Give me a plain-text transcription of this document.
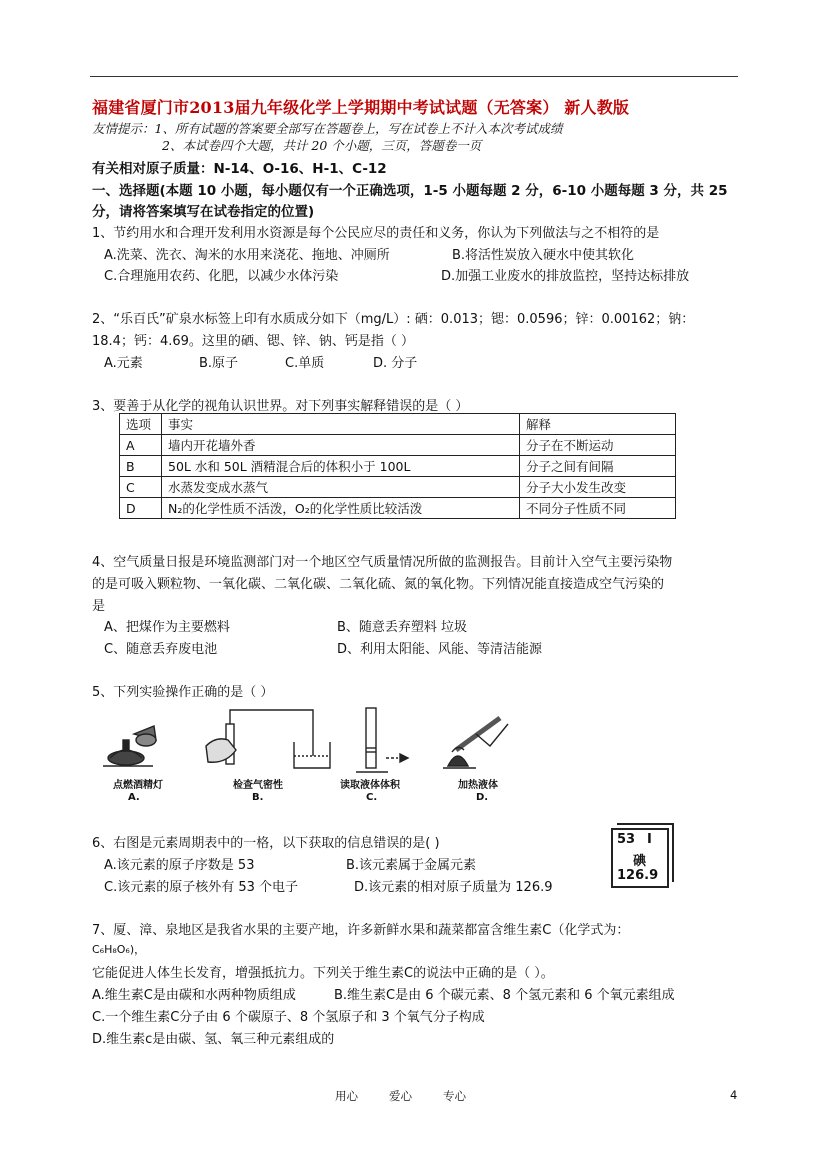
福建省厦门市2013届九年级化学上学期期中考试试题（无答案） 新人教版
友情提示：1、所有试题的答案要全部写在答题卷上，写在试卷上不计入本次考试成绩
2、本试卷四个大题，共计 20 个小题，三页，答题卷一页
有关相对原子质量：N-14、O-16、H-1、C-12
一、选择题(本题 10 小题，每小题仅有一个正确选项，1-5 小题每题 2 分，6-10 小题每题 3 分，共 25
分，请将答案填写在试卷指定的位置)
1、节约用水和合理开发利用水资源是每个公民应尽的责任和义务，你认为下列做法与之不相符的是
A.洗菜、洗衣、淘米的水用来浇花、拖地、冲厕所	B.将活性炭放入硬水中使其软化
C.合理施用农药、化肥，以减少水体污染	D.加强工业废水的排放监控，坚持达标排放
2、“乐百氏”矿泉水标签上印有水质成分如下（mg/L）: 硒：0.013；锶：0.0596；锌：0.00162；钠：
18.4；钙：4.69。这里的硒、锶、锌、钠、钙是指（ ）
A.元素	B.原子	C.单质	D. 分子
3、要善于从化学的视角认识世界。对下列事实解释错误的是（ ）
选项	事实	解释
A	墙内开花墙外香	分子在不断运动
B	50L 水和 50L 酒精混合后的体积小于 100L	分子之间有间隔
C	水蒸发变成水蒸气	分子大小发生改变
D	N₂的化学性质不活泼，O₂的化学性质比较活泼	不同分子性质不同
4、空气质量日报是环境监测部门对一个地区空气质量情况所做的监测报告。目前计入空气主要污染物
的是可吸入颗粒物、一氧化碳、二氧化碳、二氧化硫、氮的氧化物。下列情况能直接造成空气污染的
是
A、把煤作为主要燃料	B、随意丢弃塑料 垃圾
C、随意丢弃废电池	D、利用太阳能、风能、等清洁能源
5、下列实验操作正确的是（ ）
点燃酒精灯
A.
检查气密性
B.
读取液体体积
C.
加热液体
D.
6、右图是元素周期表中的一格，以下获取的信息错误的是( )
A.该元素的原子序数是 53	B.该元素属于金属元素
C.该元素的原子核外有 53 个电子	D.该元素的相对原子质量为 126.9
53 I
碘
126.9
7、厦、漳、泉地区是我省水果的主要产地，许多新鲜水果和蔬菜都富含维生素C（化学式为：
C₆H₈O₆)，
它能促进人体生长发育，增强抵抗力。下列关于维生素C的说法中正确的是（ ）。
A.维生素C是由碳和水两种物质组成	B.维生素C是由 6 个碳元素、8 个氢元素和 6 个氧元素组成
C.一个维生素C分子由 6 个碳原子、8 个氢原子和 3 个氧气分子构成
D.维生素c是由碳、氢、氧三种元素组成的
用心	爱心	专心	4
